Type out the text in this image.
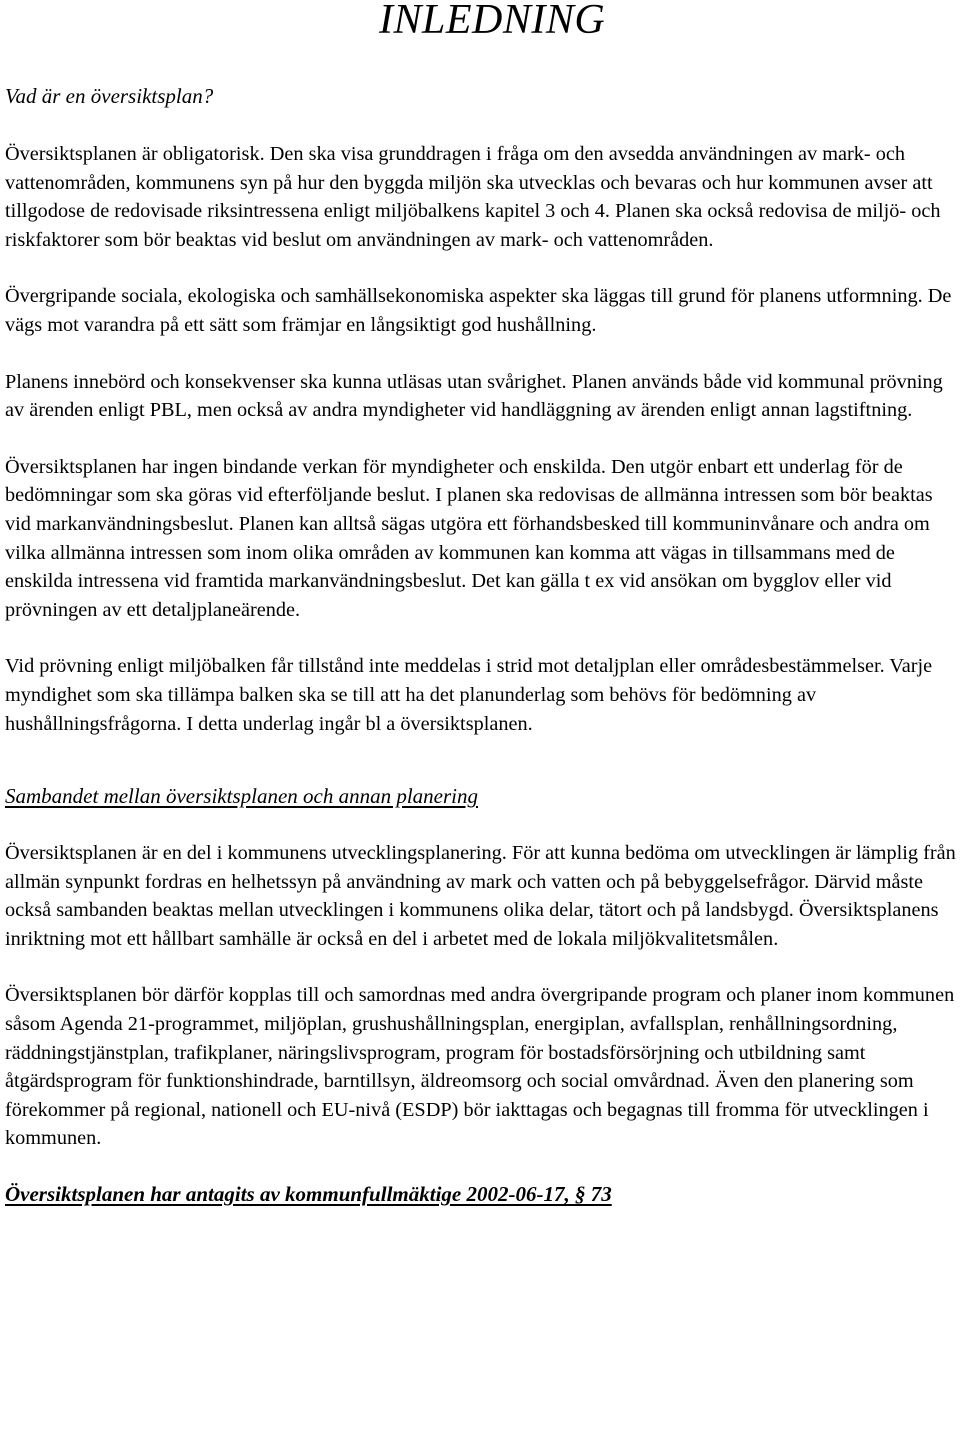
INLEDNING
Vad är en översiktsplan?

Översiktsplanen är obligatorisk. Den ska visa grunddragen i fråga om den avsedda användningen av mark- och vattenområden, kommunens syn på hur den byggda miljön ska utvecklas och bevaras och hur kommunen avser att tillgodose de redovisade riksintressena enligt miljöbalkens kapitel 3 och 4. Planen ska också redovisa de miljö- och riskfaktorer som bör beaktas vid beslut om användningen av mark- och vattenområden.

Övergripande sociala, ekologiska och samhällsekonomiska aspekter ska läggas till grund för planens utformning. De vägs mot varandra på ett sätt som främjar en långsiktigt god hushållning.

Planens innebörd och konsekvenser ska kunna utläsas utan svårighet. Planen används både vid kommunal prövning av ärenden enligt PBL, men också av andra myndigheter vid handläggning av ärenden enligt annan lagstiftning.

Översiktsplanen har ingen bindande verkan för myndigheter och enskilda. Den utgör enbart ett underlag för de bedömningar som ska göras vid efterföljande beslut. I planen ska redovisas de allmänna intressen som bör beaktas vid markanvändningsbeslut. Planen kan alltså sägas utgöra ett förhandsbesked till kommuninvånare och andra om vilka allmänna intressen som inom olika områden av kommunen kan komma att vägas in tillsammans med de enskilda intressena vid framtida markanvändningsbeslut. Det kan gälla t ex vid ansökan om bygglov eller vid prövningen av ett detaljplaneärende.

Vid prövning enligt miljöbalken får tillstånd inte meddelas i strid mot detaljplan eller områdesbestämmelser. Varje myndighet som ska tillämpa balken ska se till att ha det planunderlag som behövs för bedömning av hushållningsfrågorna. I detta underlag ingår bl a översiktsplanen.

Sambandet mellan översiktsplanen och annan planering

Översiktsplanen är en del i kommunens utvecklingsplanering. För att kunna bedöma om utvecklingen är lämplig från allmän synpunkt fordras en helhetssyn på användning av mark och vatten och på bebyggelsefrågor. Därvid måste också sambanden beaktas mellan utvecklingen i kommunens olika delar, tätort och på landsbygd. Översiktsplanens inriktning mot ett hållbart samhälle är också en del i arbetet med de lokala miljökvalitetsmålen.

Översiktsplanen bör därför kopplas till och samordnas med andra övergripande program och planer inom kommunen såsom Agenda 21-programmet, miljöplan, grushushållningsplan, energiplan, avfallsplan, renhållningsordning, räddningstjänstplan, trafikplaner, näringslivsprogram, program för bostadsförsörjning och utbildning samt åtgärdsprogram för funktionshindrade, barntillsyn, äldreomsorg och social omvårdnad. Även den planering som förekommer på regional, nationell och EU-nivå (ESDP) bör iakttagas och begagnas till fromma för utvecklingen i kommunen.

Översiktsplanen har antagits av kommunfullmäktige 2002-06-17, § 73
